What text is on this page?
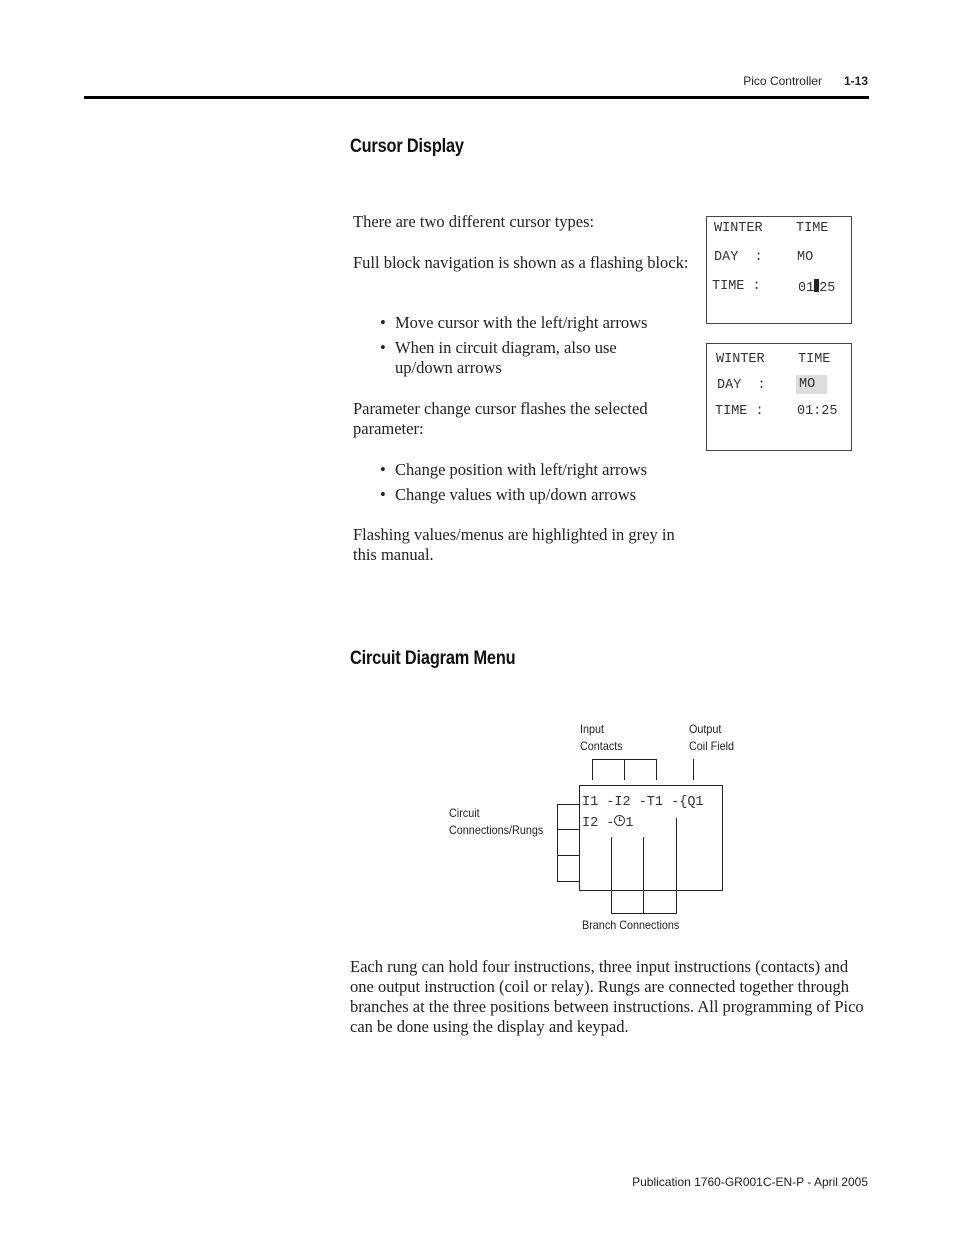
Pico Controller 1-13
Cursor Display
There are two different cursor types:
Full block navigation is shown as a flashing block:
• Move cursor with the left/right arrows
• When in circuit diagram, also use up/down arrows
Parameter change cursor flashes the selected parameter:
• Change position with left/right arrows
• Change values with up/down arrows
Flashing values/menus are highlighted in grey in this manual.
WINTER TIME
DAY  :	MO
TIME :	01 25
WINTER TIME
DAY  : MO
TIME : 01:25
Circuit Diagram Menu
Input Contacts
Output Coil Field
Circuit Connections/Rungs
Branch Connections
I1 -I2 -T1 -{Q1
I2 - 1
Each rung can hold four instructions, three input instructions (contacts) and one output instruction (coil or relay). Rungs are connected together through branches at the three positions between instructions. All programming of Pico can be done using the display and keypad.
Publication 1760-GR001C-EN-P - April 2005
